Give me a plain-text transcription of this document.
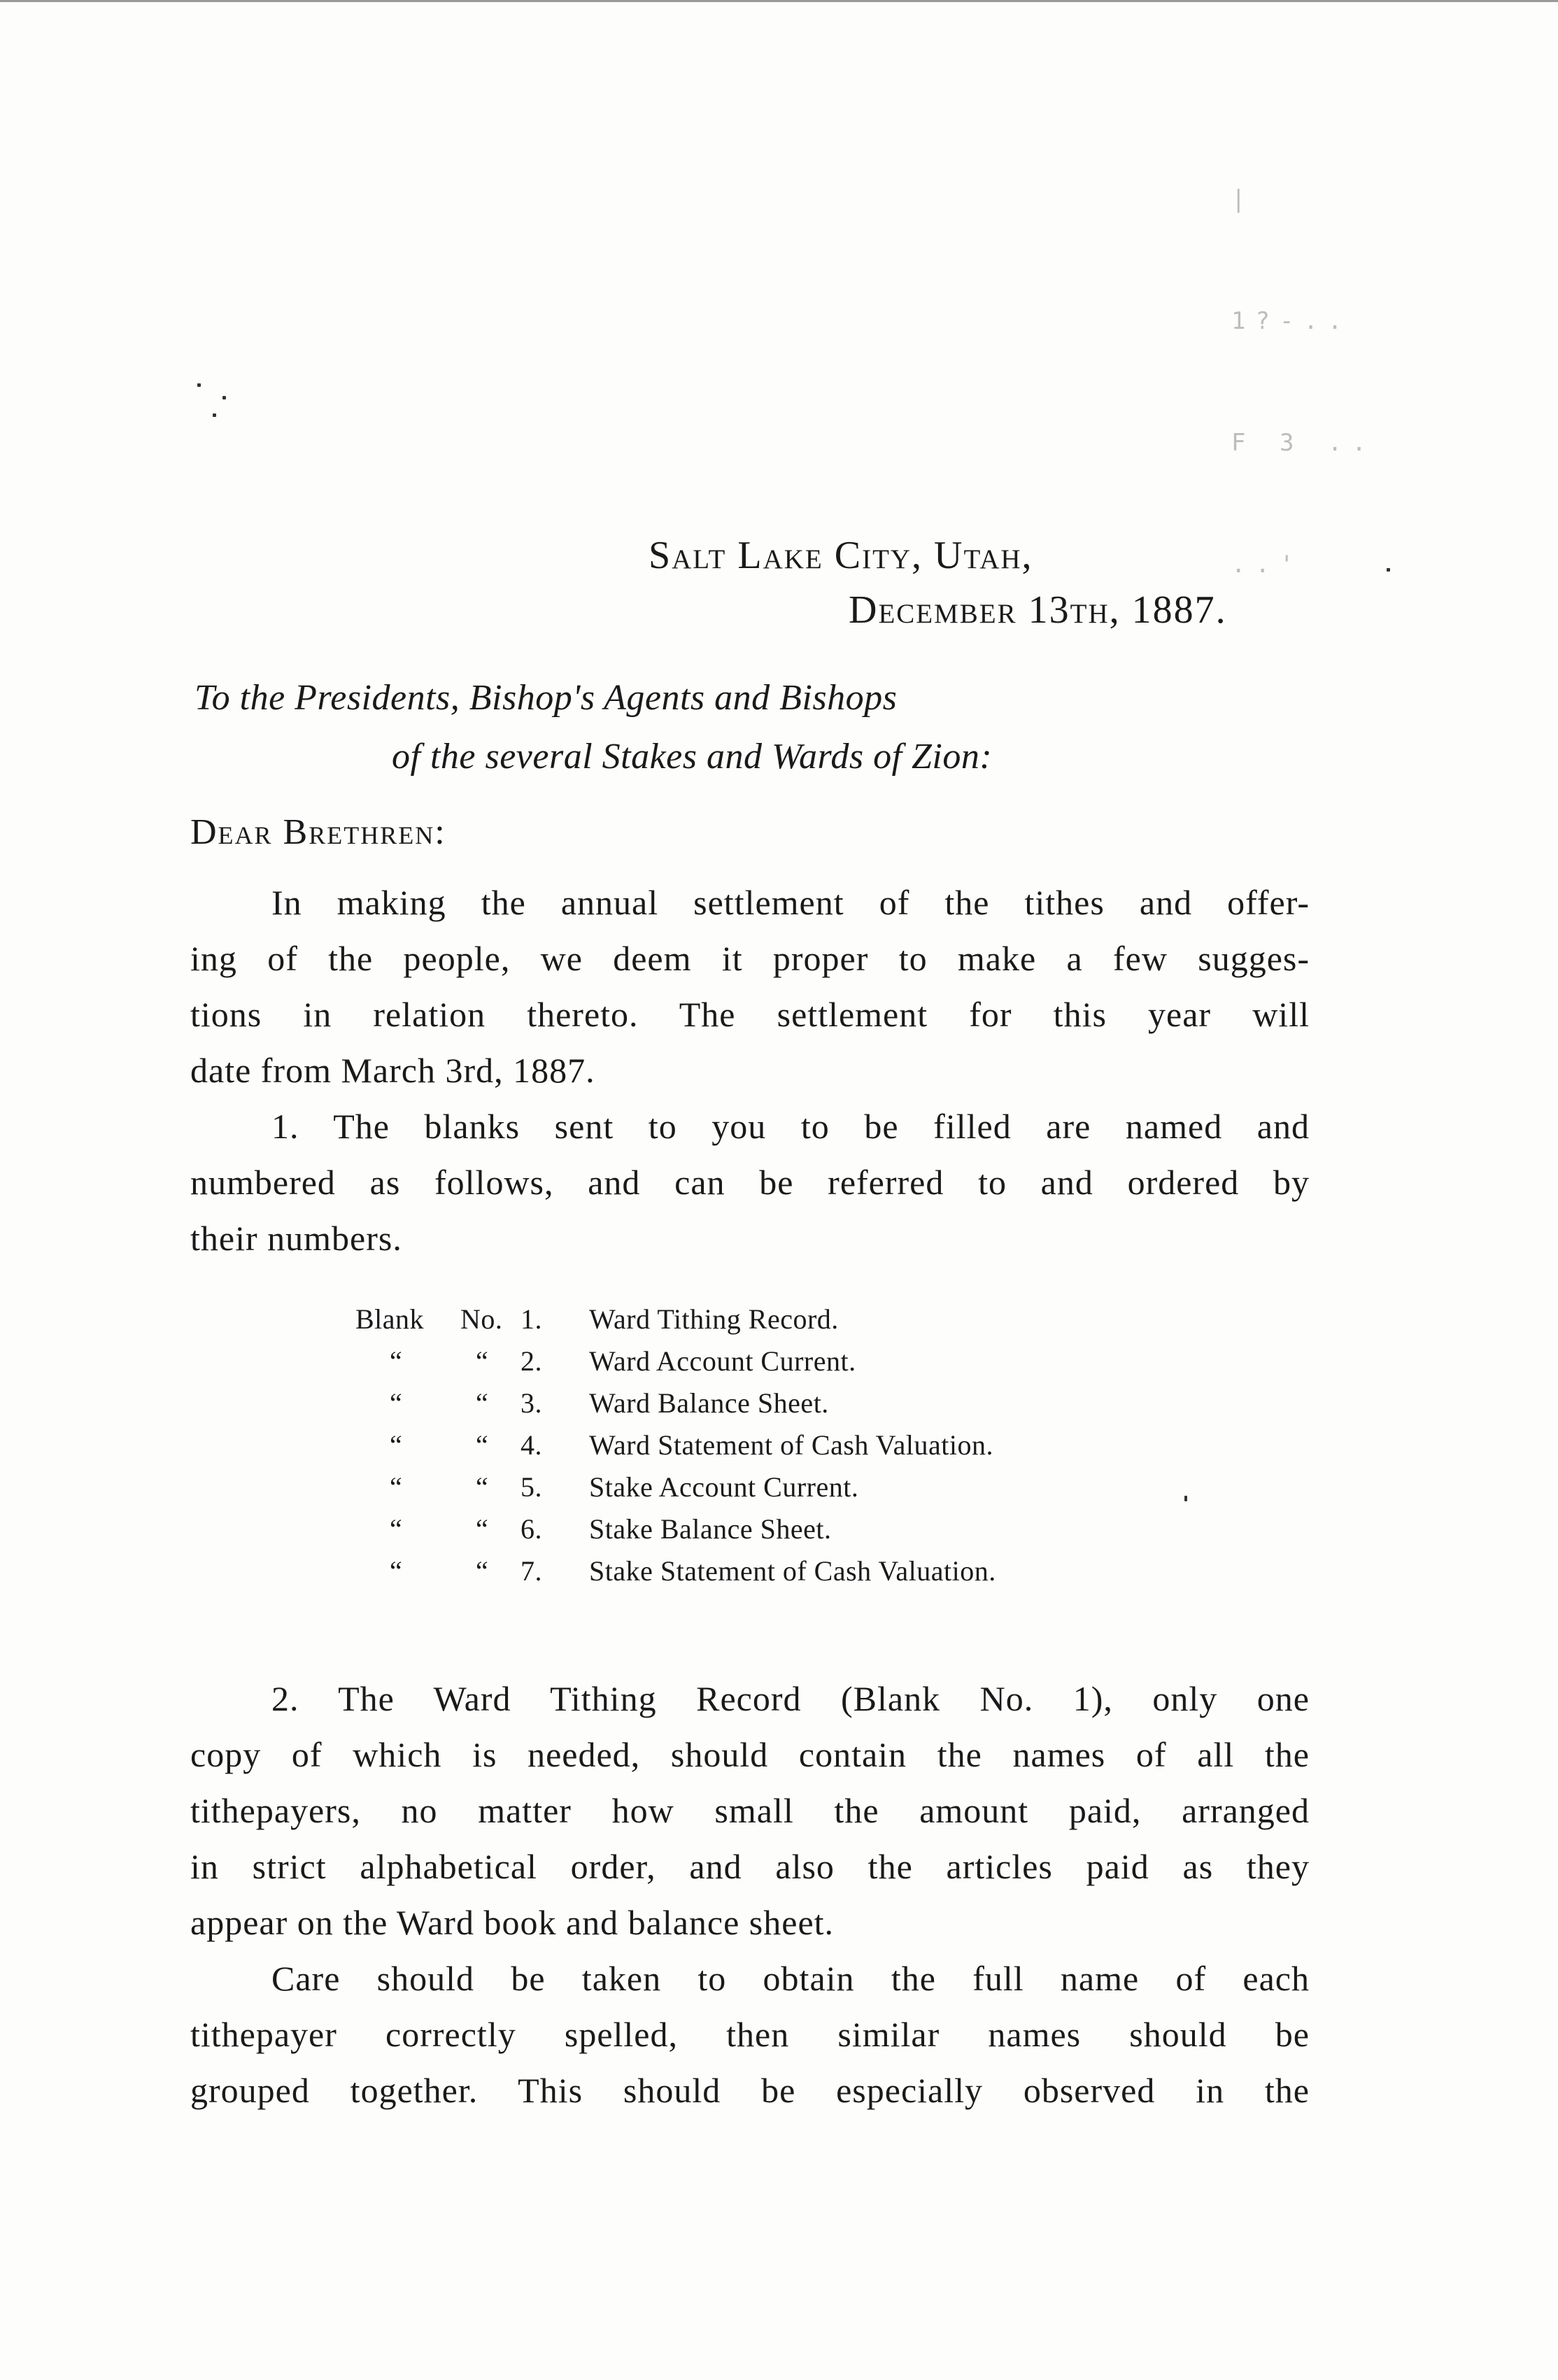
|

1?-..

F 3 ..

..'

Salt Lake City, Utah,
December 13th, 1887.
To the Presidents, Bishop's Agents and Bishops
of the several Stakes and Wards of Zion:
Dear Brethren:
In making the annual settlement of the tithes and offer-
ing of the people, we deem it proper to make a few sugges-
tions in relation thereto. The settlement for this year will
date from March 3rd, 1887.
1. The blanks sent to you to be filled are named and
numbered as follows, and can be referred to and ordered by
their numbers.
Blank No. 1. Ward Tithing Record.
“	“ 2. Ward Account Current.
“	“ 3. Ward Balance Sheet.
“	“ 4. Ward Statement of Cash Valuation.
“	“ 5. Stake Account Current.
“	“ 6. Stake Balance Sheet.
“	“ 7. Stake Statement of Cash Valuation.
2. The Ward Tithing Record (Blank No. 1), only one
copy of which is needed, should contain the names of all the
tithepayers, no matter how small the amount paid, arranged
in strict alphabetical order, and also the articles paid as they
appear on the Ward book and balance sheet.
Care should be taken to obtain the full name of each
tithepayer correctly spelled, then similar names should be
grouped together. This should be especially observed in the
